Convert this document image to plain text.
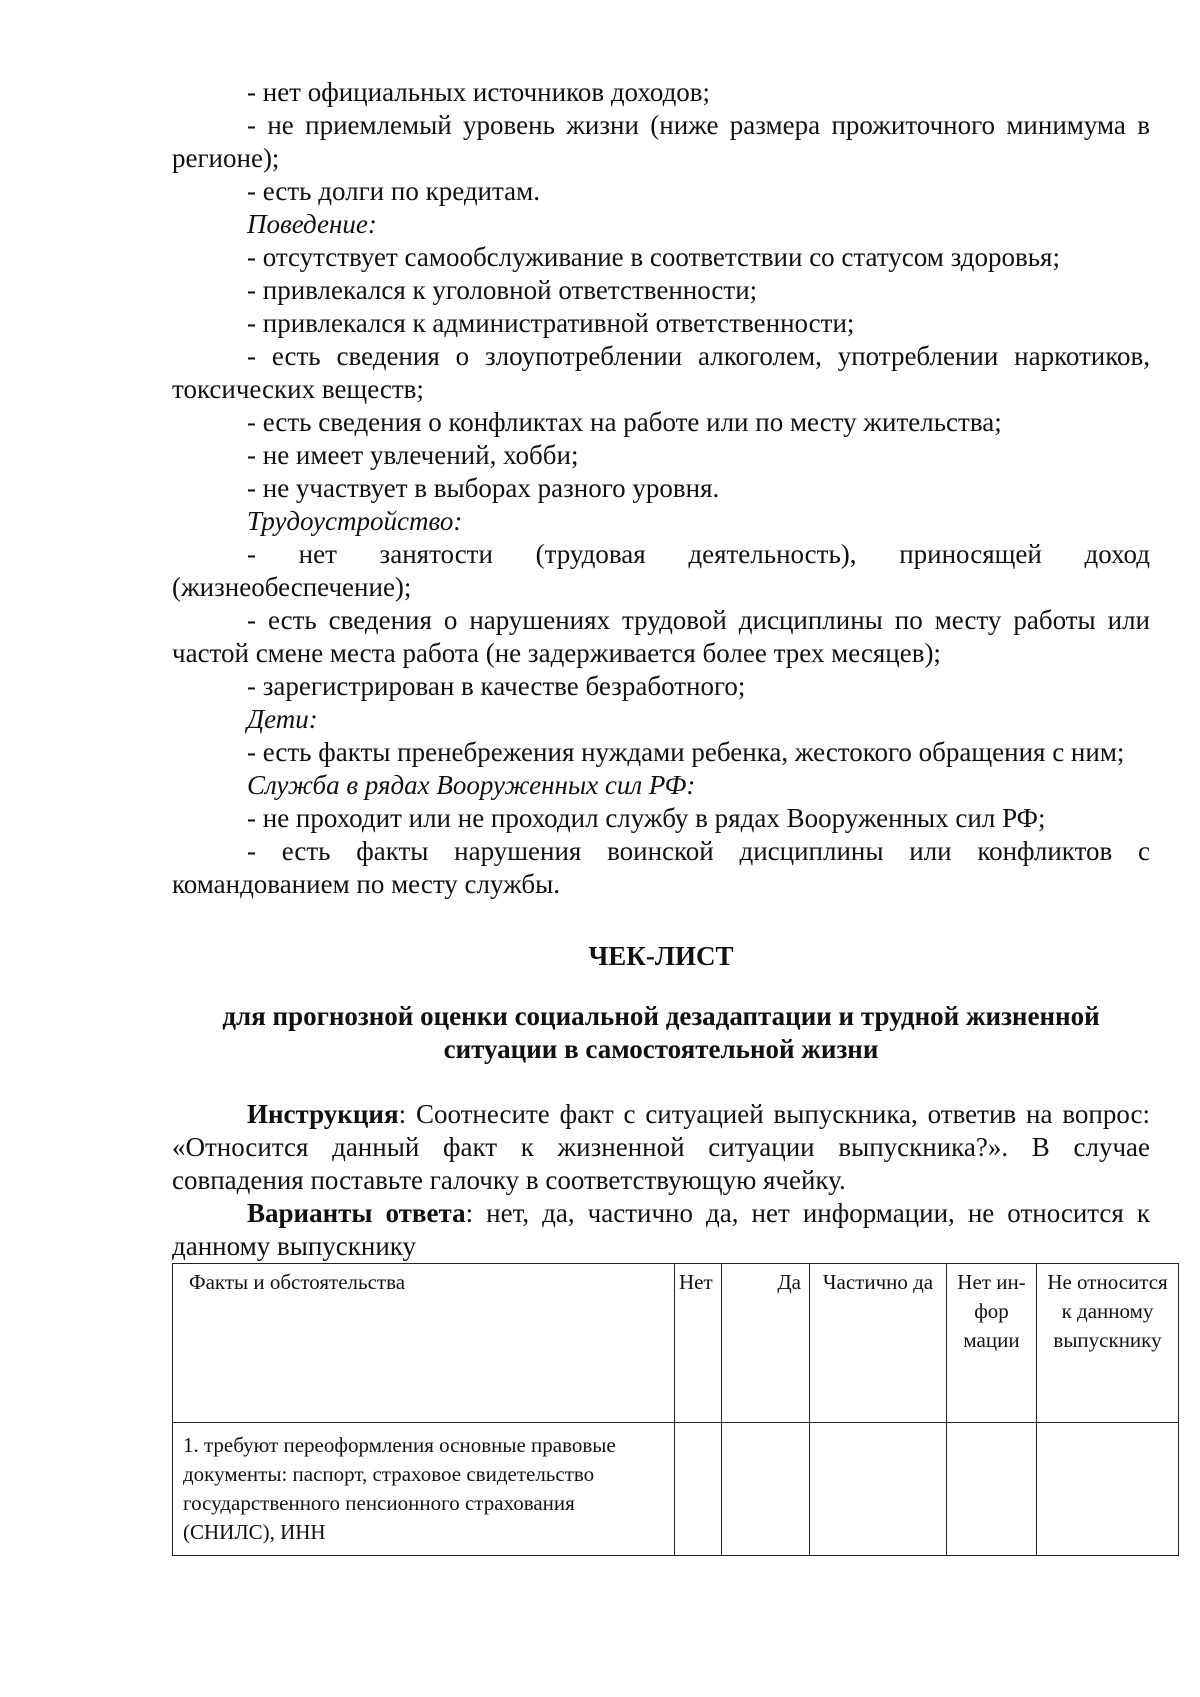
- нет официальных источников доходов;

- не приемлемый уровень жизни (ниже размера прожиточного минимума в регионе);

- есть долги по кредитам.

Поведение:

- отсутствует самообслуживание в соответствии со статусом здоровья;

- привлекался к уголовной ответственности;

- привлекался к административной ответственности;

- есть сведения о злоупотреблении алкоголем, употреблении наркотиков, токсических веществ;

- есть сведения о конфликтах на работе или по месту жительства;

- не имеет увлечений, хобби;

- не участвует в выборах разного уровня.

Трудоустройство:

- нет занятости (трудовая деятельность), приносящей доход (жизнеобеспечение);

- есть сведения о нарушениях трудовой дисциплины по месту работы или частой смене места работа (не задерживается более трех месяцев);

- зарегистрирован в качестве безработного;

Дети:

- есть факты пренебрежения нуждами ребенка, жестокого обращения с ним;

Служба в рядах Вооруженных сил РФ:

- не проходит или не проходил службу в рядах Вооруженных сил РФ;

- есть факты нарушения воинской дисциплины или конфликтов с командованием по месту службы.

ЧЕК-ЛИСТ

для прогнозной оценки социальной дезадаптации и трудной жизненной

ситуации в самостоятельной жизни

Инструкция: Соотнесите факт с ситуацией выпускника, ответив на вопрос: «Относится данный факт к жизненной ситуации выпускника?». В случае совпадения поставьте галочку в соответствующую ячейку.

Варианты ответа: нет, да, частично да, нет информации, не относится к данному выпускнику

Факты и обстоятельства	Нет	Да	Частично да	Нет ин-фор мации	Не относится к данному выпускнику
1. требуют переоформления основные правовые документы: паспорт, страховое свидетельство государственного пенсионного страхования (СНИЛС), ИНН					
